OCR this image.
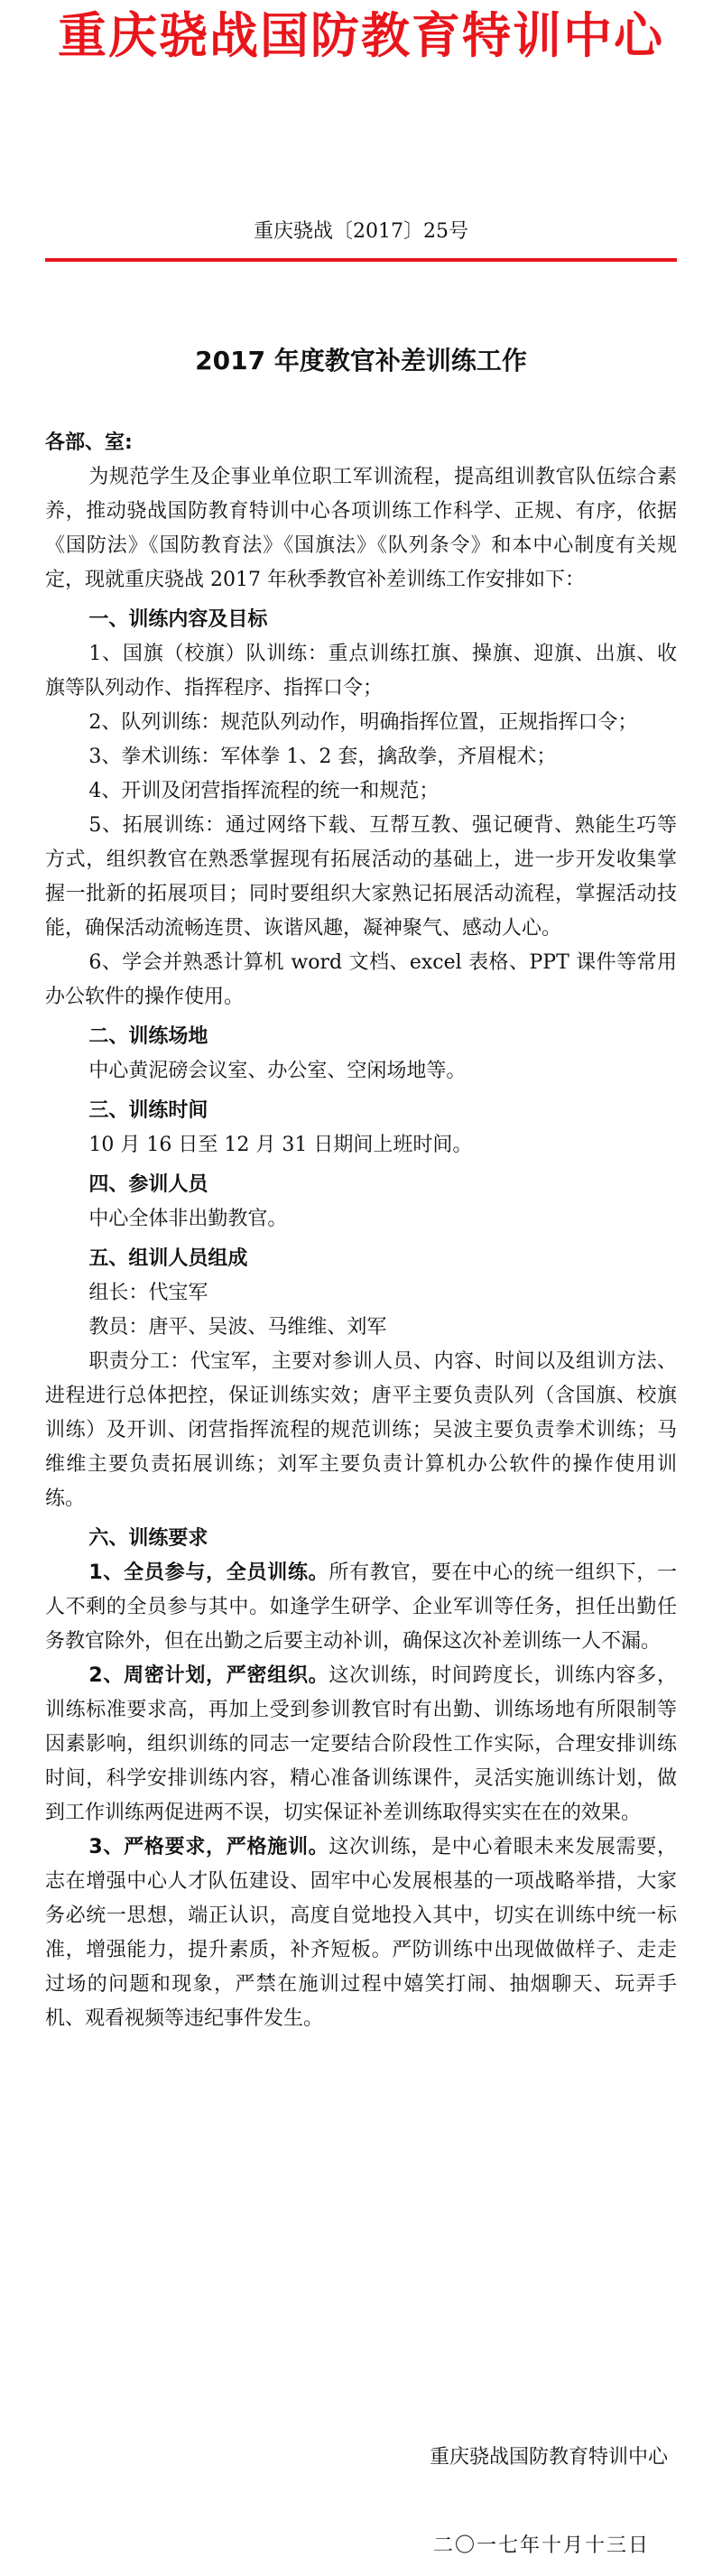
重庆骁战国防教育特训中心
重庆骁战〔2017〕25号
2017 年度教官补差训练工作

各部、室:

为规范学生及企事业单位职工军训流程，提高组训教官队伍综合素养，推动骁战国防教育特训中心各项训练工作科学、正规、有序，依据《国防法》《国防教育法》《国旗法》《队列条令》和本中心制度有关规定，现就重庆骁战 2017 年秋季教官补差训练工作安排如下：

一、训练内容及目标

1、国旗（校旗）队训练：重点训练扛旗、操旗、迎旗、出旗、收旗等队列动作、指挥程序、指挥口令；

2、队列训练：规范队列动作，明确指挥位置，正规指挥口令；

3、拳术训练：军体拳 1、2 套，擒敌拳，齐眉棍术；

4、开训及闭营指挥流程的统一和规范；

5、拓展训练：通过网络下载、互帮互教、强记硬背、熟能生巧等方式，组织教官在熟悉掌握现有拓展活动的基础上，进一步开发收集掌握一批新的拓展项目；同时要组织大家熟记拓展活动流程，掌握活动技能，确保活动流畅连贯、诙谐风趣，凝神聚气、感动人心。

6、学会并熟悉计算机 word 文档、excel 表格、PPT 课件等常用办公软件的操作使用。

二、训练场地

中心黄泥磅会议室、办公室、空闲场地等。

三、训练时间

10 月 16 日至 12 月 31 日期间上班时间。

四、参训人员

中心全体非出勤教官。

五、组训人员组成

组长：代宝军

教员：唐平、吴波、马维维、刘军

职责分工：代宝军，主要对参训人员、内容、时间以及组训方法、进程进行总体把控，保证训练实效；唐平主要负责队列（含国旗、校旗训练）及开训、闭营指挥流程的规范训练；吴波主要负责拳术训练；马维维主要负责拓展训练；刘军主要负责计算机办公软件的操作使用训练。

六、训练要求

1、全员参与，全员训练。所有教官，要在中心的统一组织下，一人不剩的全员参与其中。如逢学生研学、企业军训等任务，担任出勤任务教官除外，但在出勤之后要主动补训，确保这次补差训练一人不漏。

2、周密计划，严密组织。这次训练，时间跨度长，训练内容多，训练标准要求高，再加上受到参训教官时有出勤、训练场地有所限制等因素影响，组织训练的同志一定要结合阶段性工作实际，合理安排训练时间，科学安排训练内容，精心准备训练课件，灵活实施训练计划，做到工作训练两促进两不误，切实保证补差训练取得实实在在的效果。

3、严格要求，严格施训。这次训练，是中心着眼未来发展需要，志在增强中心人才队伍建设、固牢中心发展根基的一项战略举措，大家务必统一思想，端正认识，高度自觉地投入其中，切实在训练中统一标准，增强能力，提升素质，补齐短板。严防训练中出现做做样子、走走过场的问题和现象，严禁在施训过程中嬉笑打闹、抽烟聊天、玩弄手机、观看视频等违纪事件发生。

重庆骁战国防教育特训中心
二〇一七年十月十三日
